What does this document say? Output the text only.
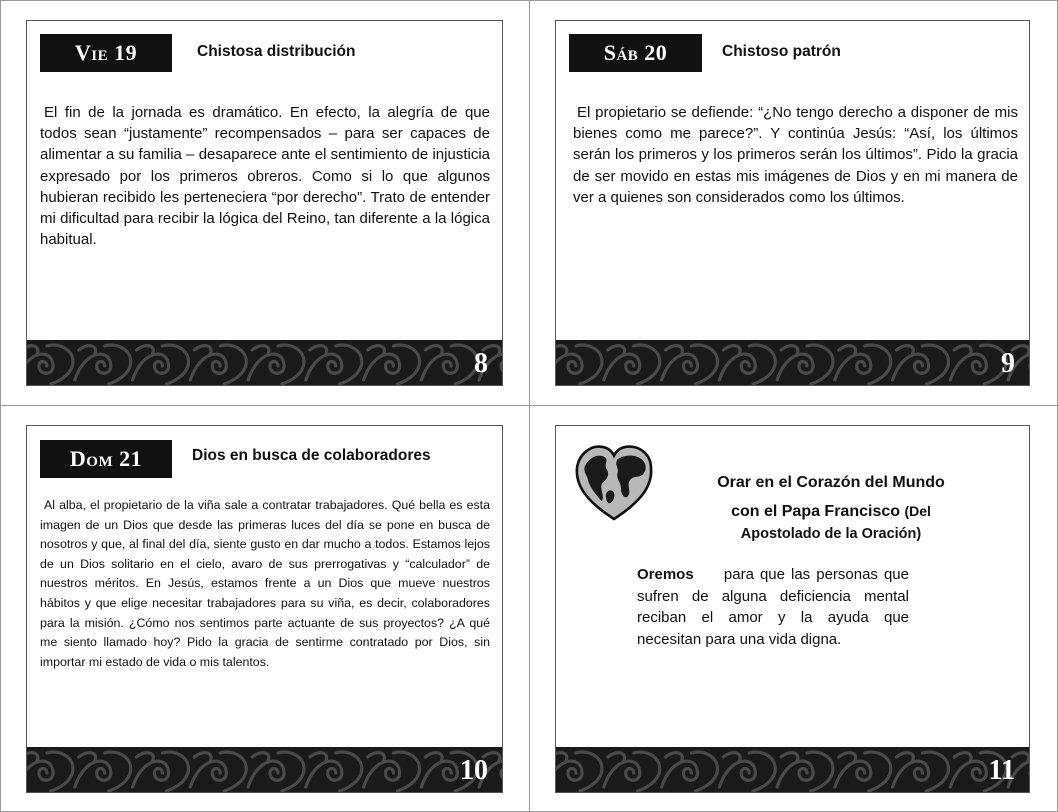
Vie 19	Chistosa distribución
El fin de la jornada es dramático. En efecto, la alegría de que todos sean “justamente” recompensados – para ser capaces de alimentar a su familia – desaparece ante el sentimiento de injusticia expresado por los primeros obreros. Como si lo que algunos hubieran recibido les perteneciera “por derecho”. Trato de entender mi dificultad para recibir la lógica del Reino, tan diferente a la lógica habitual.
8
Sáb 20	Chistoso patrón
El propietario se defiende: “¿No tengo derecho a disponer de mis bienes como me parece?”. Y continúa Jesús: “Así, los últimos serán los primeros y los primeros serán los últimos”. Pido la gracia de ser movido en estas mis imágenes de Dios y en mi manera de ver a quienes son considerados como los últimos.
9
Dom 21	Dios en busca de colaboradores
Al alba, el propietario de la viña sale a contratar trabajadores. Qué bella es esta imagen de un Dios que desde las primeras luces del día se pone en busca de nosotros y que, al final del día, siente gusto en dar mucho a todos. Estamos lejos de un Dios solitario en el cielo, avaro de sus prerrogativas y “calculador” de nuestros méritos. En Jesús, estamos frente a un Dios que mueve nuestros hábitos y que elige necesitar trabajadores para su viña, es decir, colaboradores para la misión. ¿Cómo nos sentimos parte actuante de sus proyectos? ¿A qué me siento llamado hoy? Pido la gracia de sentirme contratado por Dios, sin importar mi estado de vida o mis talentos.
10
Orar en el Corazón del Mundo
con el Papa Francisco (Del
Apostolado de la Oración)
Oremos para que las personas que sufren de alguna deficiencia mental reciban el amor y la ayuda que necesitan para una vida digna.
11
